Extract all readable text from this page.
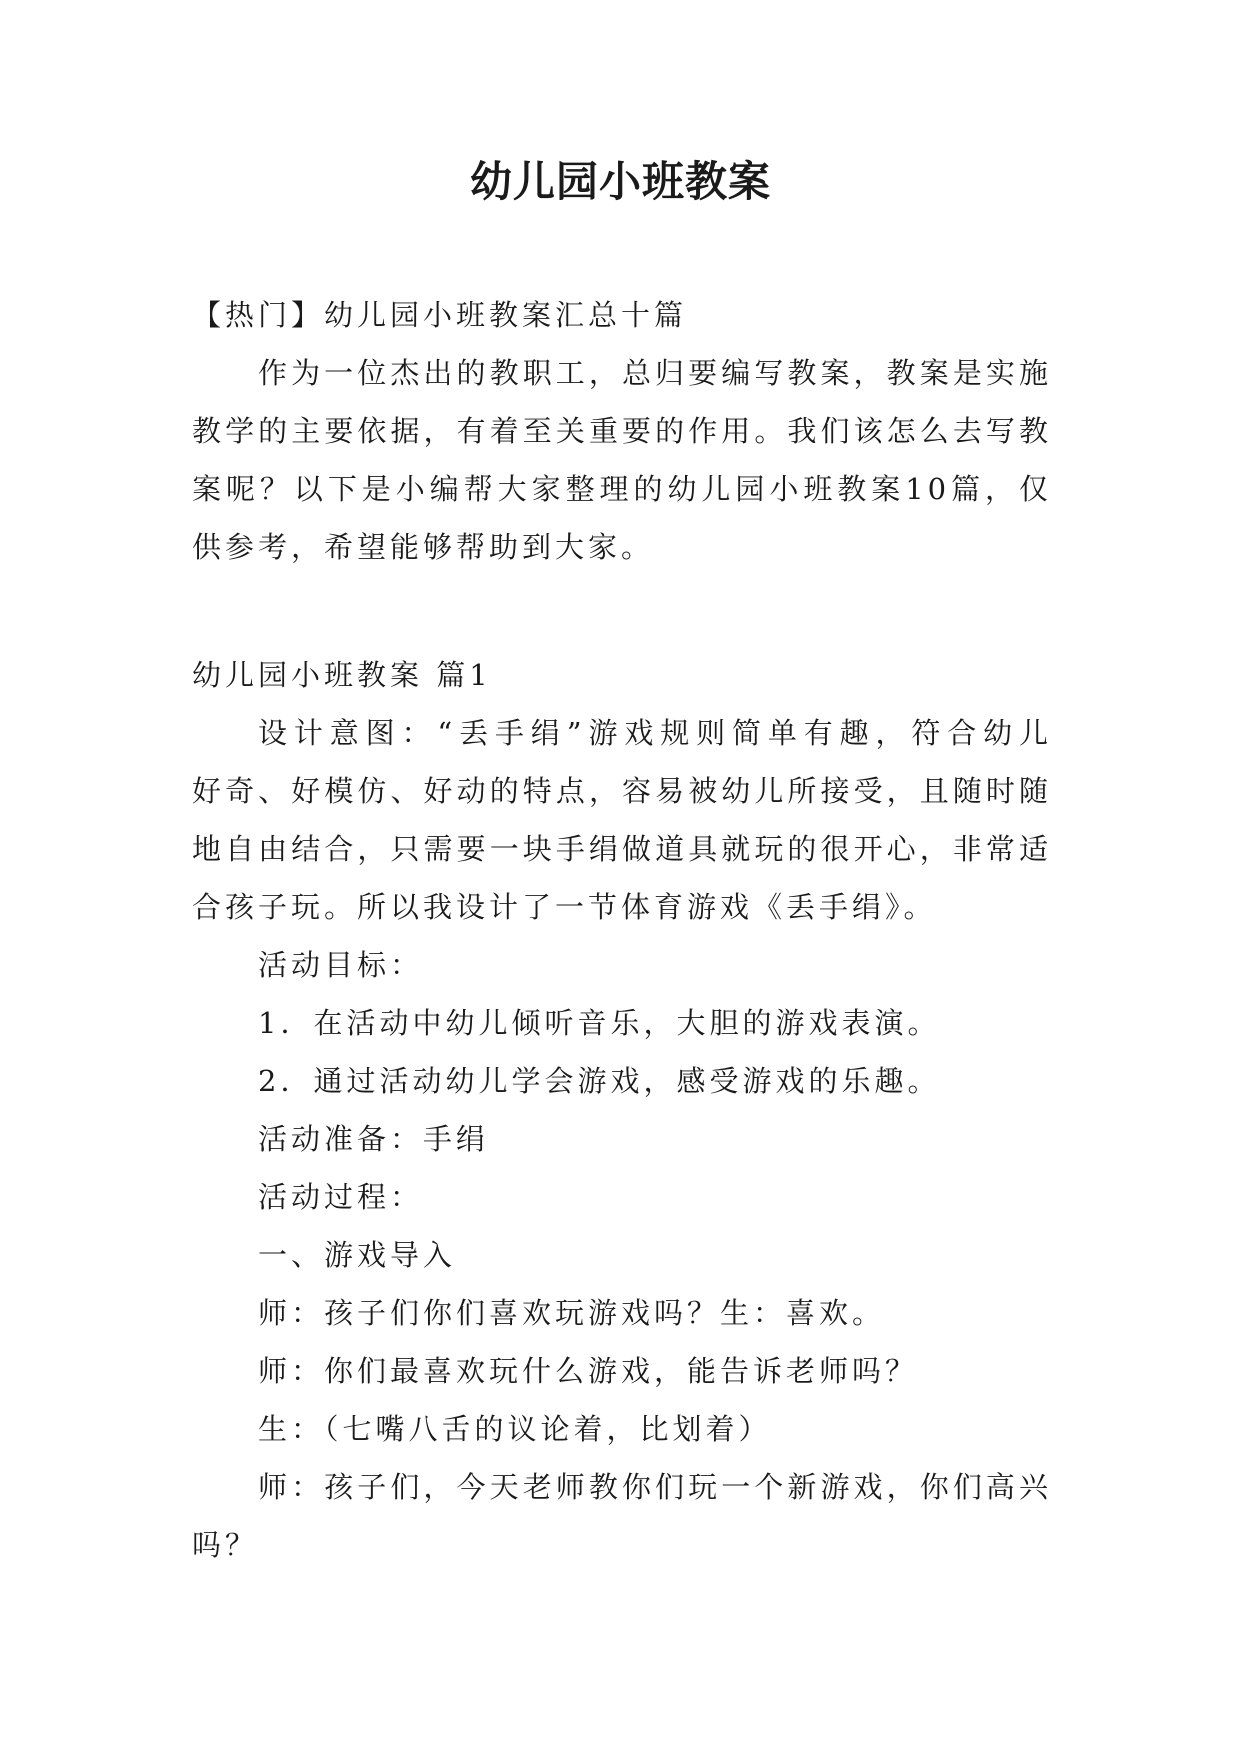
幼儿园小班教案
【热门】幼儿园小班教案汇总十篇
作为一位杰出的教职工，总归要编写教案，教案是实施
教学的主要依据，有着至关重要的作用。我们该怎么去写教
案呢？以下是小编帮大家整理的幼儿园小班教案10篇，仅
供参考，希望能够帮助到大家。
幼儿园小班教案 篇1
设计意图：“丢手绢”游戏规则简单有趣，符合幼儿
好奇、好模仿、好动的特点，容易被幼儿所接受，且随时随
地自由结合，只需要一块手绢做道具就玩的很开心，非常适
合孩子玩。所以我设计了一节体育游戏《丢手绢》。
活动目标：
1．在活动中幼儿倾听音乐，大胆的游戏表演。
2．通过活动幼儿学会游戏，感受游戏的乐趣。
活动准备：手绢
活动过程：
一、游戏导入
师：孩子们你们喜欢玩游戏吗？生：喜欢。
师：你们最喜欢玩什么游戏，能告诉老师吗？
生：（七嘴八舌的议论着，比划着）
师：孩子们，今天老师教你们玩一个新游戏，你们高兴
吗？
